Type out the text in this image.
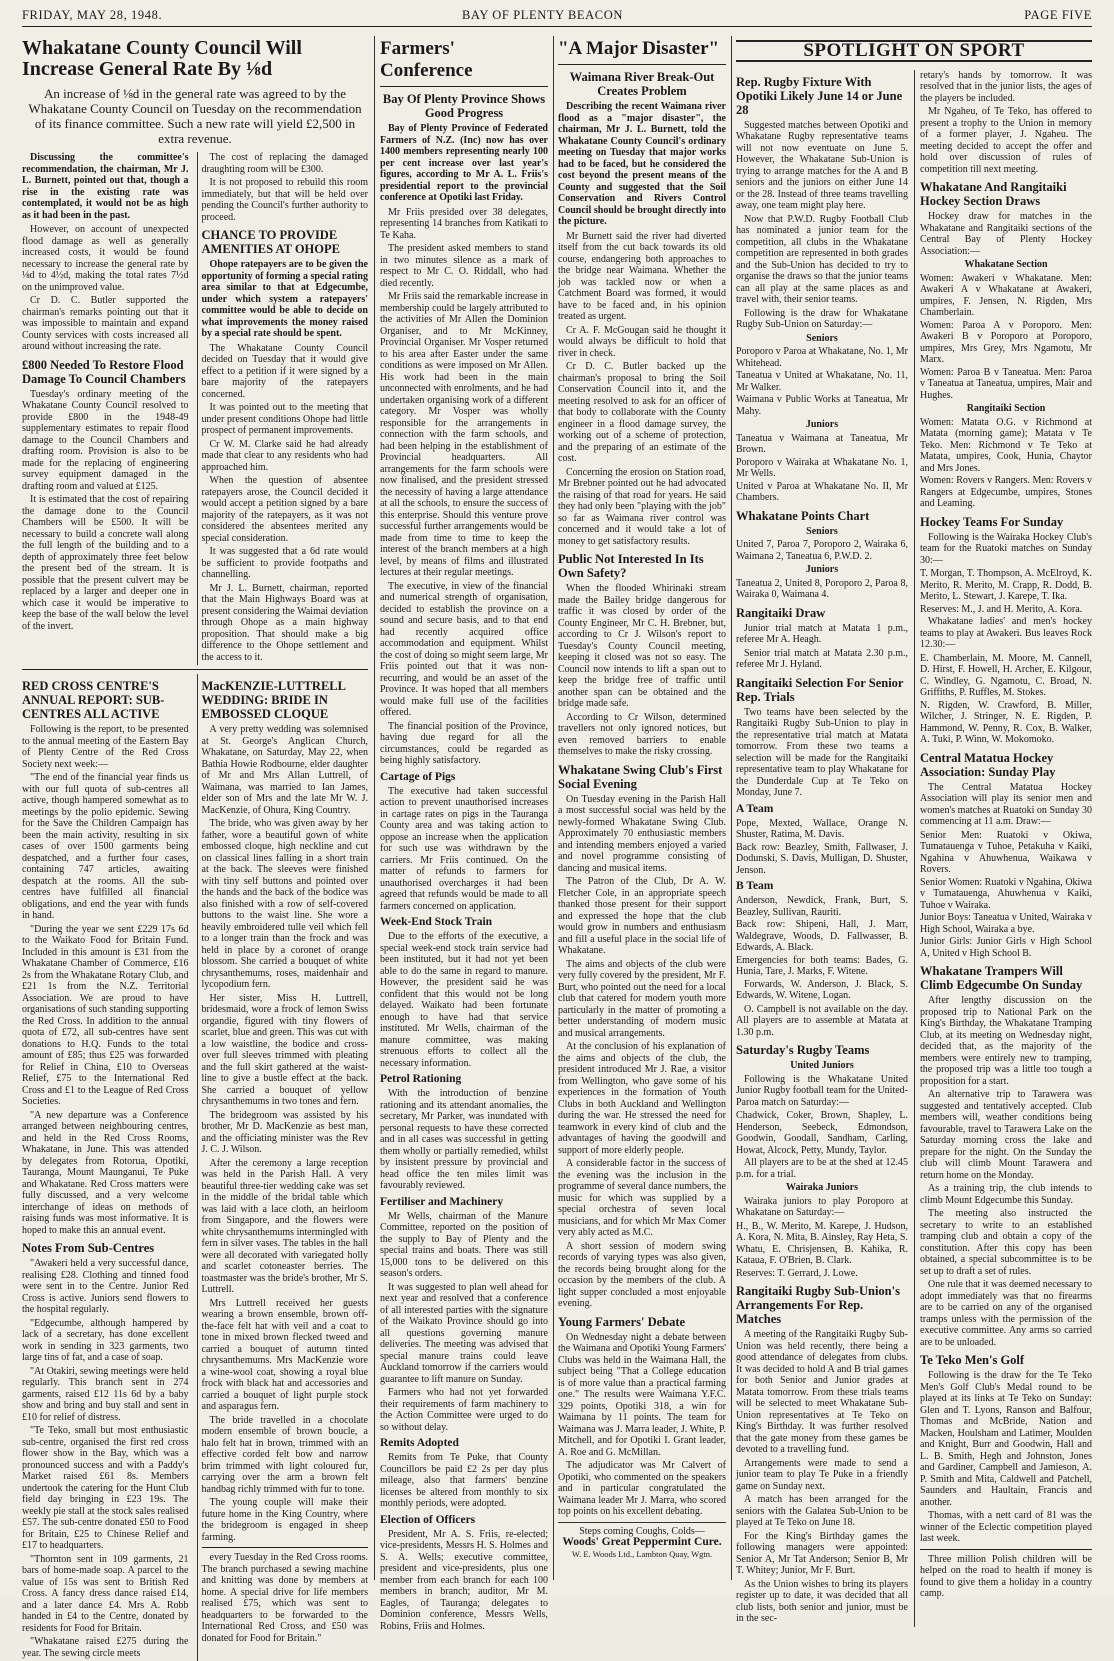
FRIDAY, MAY 28, 1948.	BAY OF PLENTY BEACON	PAGE FIVE
Whakatane County Council Will Increase General Rate By ⅛d
An increase of ⅛d in the general rate was agreed to by the Whakatane County Council on Tuesday on the recommendation of its finance committee. Such a new rate will yield £2,500 in extra revenue.

Discussing the committee's recommendation, the chairman, Mr J. L. Burnett, pointed out that, though a rise in the existing rate was contemplated, it would not be as high as it had been in the past.

However, on account of unexpected flood damage as well as generally increased costs, it would be found necessary to increase the general rate by ⅛d to 4½d, making the total rates 7½d on the unimproved value.

Cr D. C. Butler supported the chairman's remarks pointing out that it was impossible to maintain and expand County services with costs increased all around without increasing the rate.

£800 Needed To Restore Flood Damage To Council Chambers

Tuesday's ordinary meeting of the Whakatane County Council resolved to provide £800 in the 1948-49 supplementary estimates to repair flood damage to the Council Chambers and drafting room. Provision is also to be made for the replacing of engineering survey equipment damaged in the drafting room and valued at £125.

It is estimated that the cost of repairing the damage done to the Council Chambers will be £500. It will be necessary to build a concrete wall along the full length of the building and to a depth of approximately three feet below the present bed of the stream. It is possible that the present culvert may be replaced by a larger and deeper one in which case it would be imperative to keep the base of the wall below the level of the invert.

The cost of replacing the damaged draughting room will be £300.

It is not proposed to rebuild this room immediately, but that will be held over pending the Council's further authority to proceed.

CHANCE TO PROVIDE AMENITIES AT OHOPE

Ohope ratepayers are to be given the opportunity of forming a special rating area similar to that at Edgecumbe, under which system a ratepayers' committee would be able to decide on what improvements the money raised by a special rate should be spent.

The Whakatane County Council decided on Tuesday that it would give effect to a petition if it were signed by a bare majority of the ratepayers concerned.

It was pointed out to the meeting that under present conditions Ohope had little prospect of permanent improvements.

Cr W. M. Clarke said he had already made that clear to any residents who had approached him.

When the question of absentee ratepayers arose, the Council decided it would accept a petition signed by a bare majority of the ratepayers, as it was not considered the absentees merited any special consideration.

It was suggested that a 6d rate would be sufficient to provide footpaths and channelling.

Mr J. L. Burnett, chairman, reported that the Main Highways Board was at present considering the Waimai deviation through Ohope as a main highway proposition. That should make a big difference to the Ohope settlement and the access to it.

RED CROSS CENTRE'S ANNUAL REPORT: SUB-CENTRES ALL ACTIVE

Following is the report, to be presented to the annual meeting of the Eastern Bay of Plenty Centre of the Red Cross Society next week:—

"The end of the financial year finds us with our full quota of sub-centres all active, though hampered somewhat as to meetings by the polio epidemic. Sewing for the Save the Children Campaign has been the main activity, resulting in six cases of over 1500 garments being despatched, and a further four cases, containing 747 articles, awaiting despatch at the rooms. All the sub-centres have fulfilled all financial obligations, and end the year with funds in hand.

"During the year we sent £229 17s 6d to the Waikato Food for Britain Fund. Included in this amount is £31 from the Whakatane Chamber of Commerce, £16 2s from the Whakatane Rotary Club, and £21 1s from the N.Z. Territorial Association. We are proud to have organisations of such standing supporting the Red Cross. In addition to the annual quota of £72, all sub-centres have sent donations to H.Q. Funds to the total amount of £85; thus £25 was forwarded for Relief in China, £10 to Overseas Relief, £75 to the International Red Cross and £1 to the League of Red Cross Societies.

"A new departure was a Conference arranged between neighbouring centres, and held in the Red Cross Rooms, Whakatane, in June. This was attended by delegates from Rotorua, Opotiki, Tauranga, Mount Maunganui, Te Puke and Whakatane. Red Cross matters were fully discussed, and a very welcome interchange of ideas on methods of raising funds was most informative. It is hoped to make this an annual event.

Notes From Sub-Centres

"Awakeri held a very successful dance, realising £28. Clothing and tinned food were sent in to the Centre. Junior Red Cross is active. Juniors send flowers to the hospital regularly.

"Edgecumbe, although hampered by lack of a secretary, has done excellent work in sending in 323 garments, two large tins of fat, and a case of soap.

"At Otakiri, sewing meetings were held regularly. This branch sent in 274 garments, raised £12 11s 6d by a baby show and bring and buy stall and sent in £10 for relief of distress.

"Te Teko, small but most enthusiastic sub-centre, organised the first red cross flower show in the Bay, which was a pronounced success and with a Paddy's Market raised £61 8s. Members undertook the catering for the Hunt Club field day bringing in £23 19s. The weekly pie stall at the stock sales realised £57. The sub-centre donated £50 to Food for Britain, £25 to Chinese Relief and £17 to headquarters.

"Thornton sent in 109 garments, 21 bars of home-made soap. A parcel to the value of 15s was sent to British Red Cross. A fancy dress dance raised £14, and a later dance £4. Mrs A. Robb handed in £4 to the Centre, donated by residents for Food for Britain.

"Whakatane raised £275 during the year. The sewing circle meets

MacKENZIE-LUTTRELL WEDDING: BRIDE IN EMBOSSED CLOQUE

A very pretty wedding was solemnised at St. George's Anglican Church, Whakatane, on Saturday, May 22, when Bathia Howie Rodbourne, elder daughter of Mr and Mrs Allan Luttrell, of Waimana, was married to Ian James, elder son of Mrs and the late Mr W. J. MacKenzie, of Ohura, King Country.

The bride, who was given away by her father, wore a beautiful gown of white embossed cloque, high neckline and cut on classical lines falling in a short train at the back. The sleeves were finished with tiny self buttons and pointed over the hands and the back of the bodice was also finished with a row of self-covered buttons to the waist line. She wore a heavily embroidered tulle veil which fell to a longer train than the frock and was held in place by a coronet of orange blossom. She carried a bouquet of white chrysanthemums, roses, maidenhair and lycopodium fern.

Her sister, Miss H. Luttrell, bridesmaid, wore a frock of lemon Swiss organdie, figured with tiny flowers of scarlet, blue and green. This was cut with a low waistline, the bodice and cross-over full sleeves trimmed with pleating and the full skirt gathered at the waist-line to give a bustle effect at the back. She carried a bouquet of yellow chrysanthemums in two tones and fern.

The bridegroom was assisted by his brother, Mr D. MacKenzie as best man, and the officiating minister was the Rev J. C. J. Wilson.

After the ceremony a large reception was held in the Parish Hall. A very beautiful three-tier wedding cake was set in the middle of the bridal table which was laid with a lace cloth, an heirloom from Singapore, and the flowers were white chrysanthemums intermingled with fern in silver vases. The tables in the hall were all decorated with variegated holly and scarlet cotoneaster berries. The toastmaster was the bride's brother, Mr S. Luttrell.

Mrs Luttrell received her guests wearing a brown ensemble, brown off-the-face felt hat with veil and a coat to tone in mixed brown flecked tweed and carried a bouquet of autumn tinted chrysanthemums. Mrs MacKenzie wore a wine-wool coat, showing a royal blue frock with black hat and accessories and carried a bouquet of light purple stock and asparagus fern.

The bride travelled in a chocolate modern ensemble of brown boucle, a halo felt hat in brown, trimmed with an effective corded felt bow and narrow brim trimmed with light coloured fur, carrying over the arm a brown felt handbag richly trimmed with fur to tone.

The young couple will make their future home in the King Country, where the bridegroom is engaged in sheep farming.

every Tuesday in the Red Cross rooms. The branch purchased a sewing machine and knitting was done by members at home. A special drive for life members realised £75, which was sent to headquarters to be forwarded to the International Red Cross, and £50 was donated for Food for Britain."

Farmers' Conference
Bay Of Plenty Province Shows Good Progress

Bay of Plenty Province of Federated Farmers of N.Z. (Inc) now has over 1400 members representing nearly 100 per cent increase over last year's figures, according to Mr A. L. Friis's presidential report to the provincial conference at Opotiki last Friday.

Mr Friis presided over 38 delegates, representing 14 branches from Katikati to Te Kaha.

The president asked members to stand in two minutes silence as a mark of respect to Mr C. O. Riddall, who had died recently.

Mr Friis said the remarkable increase in membership could be largely attributed to the activities of Mr Allen the Dominion Organiser, and to Mr McKinney, Provincial Organiser. Mr Vosper returned to his area after Easter under the same conditions as were imposed on Mr Allen. His work had been in the main unconnected with enrolments, and he had undertaken organising work of a different category. Mr Vosper was wholly responsible for the arrangements in connection with the farm schools, and had been helping in the establishment of Provincial headquarters. All arrangements for the farm schools were now finalised, and the president stressed the necessity of having a large attendance at all the schools, to ensure the success of this enterprise. Should this venture prove successful further arrangements would be made from time to time to keep the interest of the branch members at a high level, by means of films and illustrated lectures at their regular meetings.

The executive, in view of the financial and numerical strength of organisation, decided to establish the province on a sound and secure basis, and to that end had recently acquired office accommodation and equipment. Whilst the cost of doing so might seem large, Mr Friis pointed out that it was non-recurring, and would be an asset of the Province. It was hoped that all members would make full use of the facilities offered.

The financial position of the Province, having due regard for all the circumstances, could be regarded as being highly satisfactory.

Cartage of Pigs

The executive had taken successful action to prevent unauthorised increases in cartage rates on pigs in the Tauranga County area and was taking action to oppose an increase when the application for such use was withdrawn by the carriers. Mr Friis continued. On the matter of refunds to farmers for unauthorised overcharges it had been agreed that refunds would be made to all farmers concerned on application.

Week-End Stock Train

Due to the efforts of the executive, a special week-end stock train service had been instituted, but it had not yet been able to do the same in regard to manure. However, the president said he was confident that this would not be long delayed. Waikato had been fortunate enough to have had that service instituted. Mr Wells, chairman of the manure committee, was making strenuous efforts to collect all the necessary information.

Petrol Rationing

With the introduction of benzine rationing and its attendant anomalies, the secretary, Mr Parker, was inundated with personal requests to have these corrected and in all cases was successful in getting them wholly or partially remedied, whilst by insistent pressure by provincial and head office the ten miles limit was favourably reviewed.

Fertiliser and Machinery

Mr Wells, chairman of the Manure Committee, reported on the position of the supply to Bay of Plenty and the special trains and boats. There was still 15,000 tons to be delivered on this season's orders.

It was suggested to plan well ahead for next year and resolved that a conference of all interested parties with the signature of the Waikato Province should go into all questions governing manure deliveries. The meeting was advised that special manure trains could leave Auckland tomorrow if the carriers would guarantee to lift manure on Sunday.

Farmers who had not yet forwarded their requirements of farm machinery to the Action Committee were urged to do so without delay.

Remits Adopted

Remits from Te Puke, that County Councillors be paid £2 2s per day plus mileage, also that farmers' benzine licenses be altered from monthly to six monthly periods, were adopted.

Election of Officers

President, Mr A. S. Friis, re-elected; vice-presidents, Messrs H. S. Holmes and S. A. Wells; executive committee, president and vice-presidents, plus one member from each branch for each 100 members in branch; auditor, Mr M. Eagles, of Tauranga; delegates to Dominion conference, Messrs Wells, Robins, Friis and Holmes.

"A Major Disaster"
Waimana River Break-Out Creates Problem

Describing the recent Waimana river flood as a "major disaster", the chairman, Mr J. L. Burnett, told the Whakatane County Council's ordinary meeting on Tuesday that major works had to be faced, but he considered the cost beyond the present means of the County and suggested that the Soil Conservation and Rivers Control Council should be brought directly into the picture.

Mr Burnett said the river had diverted itself from the cut back towards its old course, endangering both approaches to the bridge near Waimana. Whether the job was tackled now or when a Catchment Board was formed, it would have to be faced and, in his opinion treated as urgent.

Cr A. F. McGougan said he thought it would always be difficult to hold that river in check.

Cr D. C. Butler backed up the chairman's proposal to bring the Soil Conservation Council into it, and the meeting resolved to ask for an officer of that body to collaborate with the County engineer in a flood damage survey, the working out of a scheme of protection, and the preparing of an estimate of the cost.

Concerning the erosion on Station road, Mr Brebner pointed out he had advocated the raising of that road for years. He said they had only been "playing with the job" so far as Waimana river control was concerned and it would take a lot of money to get satisfactory results.

Public Not Interested In Its Own Safety?

When the flooded Whirinaki stream made the Bailey bridge dangerous for traffic it was closed by order of the County Engineer, Mr C. H. Brebner, but, according to Cr J. Wilson's report to Tuesday's County Council meeting, keeping it closed was not so easy. The Council now intends to lift a span out to keep the bridge free of traffic until another span can be obtained and the bridge made safe.

According to Cr Wilson, determined travellers not only ignored notices, but even removed barriers to enable themselves to make the risky crossing.

Whakatane Swing Club's First Social Evening

On Tuesday evening in the Parish Hall a most successful social was held by the newly-formed Whakatane Swing Club. Approximately 70 enthusiastic members and intending members enjoyed a varied and novel programme consisting of dancing and musical items.

The Patron of the Club, Dr A. W. Fletcher Cole, in an appropriate speech thanked those present for their support and expressed the hope that the club would grow in numbers and enthusiasm and fill a useful place in the social life of Whakatane.

The aims and objects of the club were very fully covered by the president, Mr F. Burt, who pointed out the need for a local club that catered for modern youth more particularly in the matter of promoting a better understanding of modern music and musical arrangements.

At the conclusion of his explanation of the aims and objects of the club, the president introduced Mr J. Rae, a visitor from Wellington, who gave some of his experiences in the formation of Youth Clubs in both Auckland and Wellington during the war. He stressed the need for teamwork in every kind of club and the advantages of having the goodwill and support of more elderly people.

A considerable factor in the success of the evening was the inclusion in the programme of several dance numbers, the music for which was supplied by a special orchestra of seven local musicians, and for which Mr Max Comer very ably acted as M.C.

A short session of modern swing records of varying types was also given, the records being brought along for the occasion by the members of the club. A light supper concluded a most enjoyable evening.

Young Farmers' Debate

On Wednesday night a debate between the Waimana and Opotiki Young Farmers' Clubs was held in the Waimana Hall, the subject being "That a College education is of more value than a practical farming one." The results were Waimana Y.F.C. 329 points, Opotiki 318, a win for Waimana by 11 points. The team for Waimana was J. Marra leader, J. White, P. Mitchell, and for Opotiki I. Grant leader, A. Roe and G. McMillan.

The adjudicator was Mr Calvert of Opotiki, who commented on the speakers and in particular congratulated the Waimana leader Mr J. Marra, who scored top points on his excellent debating.

Steps coming Coughs, Colds—
Woods' Great Peppermint Cure.
W. E. Woods Ltd., Lambton Quay, Wgtn.
SPOTLIGHT ON SPORT
Rep. Rugby Fixture With Opotiki Likely June 14 or June 28

Suggested matches between Opotiki and Whakatane Rugby representative teams will not now eventuate on June 5. However, the Whakatane Sub-Union is trying to arrange matches for the A and B seniors and the juniors on either June 14 or the 28. Instead of three teams travelling away, one team might play here.

Now that P.W.D. Rugby Football Club has nominated a junior team for the competition, all clubs in the Whakatane competition are represented in both grades and the Sub-Union has decided to try to organise the draws so that the junior teams can all play at the same places as and travel with, their senior teams.

Following is the draw for Whakatane Rugby Sub-Union on Saturday:—

Seniors

Poroporo v Paroa at Whakatane, No. 1, Mr Whitehead.

Taneatua v United at Whakatane, No. 11, Mr Walker.

Waimana v Public Works at Taneatua, Mr Mahy.

Juniors

Taneatua v Waimana at Taneatua, Mr Brown.

Poroporo v Wairaka at Whakatane No. 1, Mr Wells.

United v Paroa at Whakatane No. II, Mr Chambers.

Whakatane Points Chart

Seniors

United 7, Paroa 7, Poroporo 2, Wairaka 6, Waimana 2, Taneatua 6, P.W.D. 2.

Juniors

Taneatua 2, United 8, Poroporo 2, Paroa 8, Wairaka 0, Waimana 4.

Rangitaiki Draw

Junior trial match at Matata 1 p.m., referee Mr A. Heagh.

Senior trial match at Matata 2.30 p.m., referee Mr J. Hyland.

Rangitaiki Selection For Senior Rep. Trials

Two teams have been selected by the Rangitaiki Rugby Sub-Union to play in the representative trial match at Matata tomorrow. From these two teams a selection will be made for the Rangitaiki representative team to play Whakatane for the Dunderdale Cup at Te Teko on Monday, June 7.

A Team

Pope, Mexted, Wallace, Orange N. Shuster, Ratima, M. Davis.

Back row: Beazley, Smith, Fallwaser, J. Dodunski, S. Davis, Mulligan, D. Shuster, Jenson.

B Team

Anderson, Newdick, Frank, Burt, S. Beazley, Sullivan, Rauriti.

Back row: Shipeni, Hall, J. Marr, Waldegrave, Woods, D. Fallwasser, B. Edwards, A. Black.

Emergencies for both teams: Bades, G. Hunia, Tare, J. Marks, F. Witene.

Forwards, W. Anderson, J. Black, S. Edwards, W. Witene, Logan.

O. Campbell is not available on the day. All players are to assemble at Matata at 1.30 p.m.

Saturday's Rugby Teams

United Juniors

Following is the Whakatane United Junior Rugby football team for the United-Paroa match on Saturday:—

Chadwick, Coker, Brown, Shapley, L. Henderson, Seebeck, Edmondson, Goodwin, Goodall, Sandham, Carling, Howat, Alcock, Petty, Mundy, Taylor.

All players are to be at the shed at 12.45 p.m. for a trial.

Wairaka Juniors

Wairaka juniors to play Poroporo at Whakatane on Saturday:—

H., B., W. Merito, M. Karepe, J. Hudson, A. Kora, N. Mita, B. Ainsley, Ray Heta, S. Whatu, E. Chrisjensen, B. Kahika, R. Kataua, F. O'Brien, B. Clark.

Reserves: T. Gerrard, J. Lowe.

Rangitaiki Rugby Sub-Union's Arrangements For Rep. Matches

A meeting of the Rangitaiki Rugby Sub-Union was held recently, there being a good attendance of delegates from clubs. It was decided to hold A and B trial games for both Senior and Junior grades at Matata tomorrow. From these trials teams will be selected to meet Whakatane Sub-Union representatives at Te Teko on King's Birthday. It was further resolved that the gate money from these games be devoted to a travelling fund.

Arrangements were made to send a junior team to play Te Puke in a friendly game on Sunday next.

A match has been arranged for the seniors with the Galatea Sub-Union to be played at Te Teko on June 18.

For the King's Birthday games the following managers were appointed: Senior A, Mr Tat Anderson; Senior B, Mr T. Whitey; Junior, Mr F. Burt.

As the Union wishes to bring its players register up to date, it was decided that all club lists, both senior and junior, must be in the sec-

retary's hands by tomorrow. It was resolved that in the junior lists, the ages of the players be included.

Mr Ngaheu, of Te Teko, has offered to present a trophy to the Union in memory of a former player, J. Ngaheu. The meeting decided to accept the offer and hold over discussion of rules of competition till next meeting.

Whakatane And Rangitaiki Hockey Section Draws

Hockey draw for matches in the Whakatane and Rangitaiki sections of the Central Bay of Plenty Hockey Association:—

Whakatane Section

Women: Awakeri v Whakatane. Men: Awakeri A v Whakatane at Awakeri, umpires, F. Jensen, N. Rigden, Mrs Chamberlain.

Women: Paroa A v Poroporo. Men: Awakeri B v Poroporo at Poroporo, umpires, Mrs Grey, Mrs Ngamotu, Mr Marx.

Women: Paroa B v Taneatua. Men: Paroa v Taneatua at Taneatua, umpires, Mair and Hughes.

Rangitaiki Section

Women: Matata O.G. v Richmond at Matata (morning game); Matata v Te Teko. Men: Richmond v Te Teko at Matata, umpires, Cook, Hunia, Chaytor and Mrs Jones.

Women: Rovers v Rangers. Men: Rovers v Rangers at Edgecumbe, umpires, Stones and Leaming.

Hockey Teams For Sunday

Following is the Wairaka Hockey Club's team for the Ruatoki matches on Sunday 30:—

T. Morgan, T. Thompson, A. McElroyd, K. Merito, R. Merito, M. Crapp, R. Dodd, B. Merito, L. Stewart, J. Karepe, T. Ika.

Reserves: M., J. and H. Merito, A. Kora.

Whakatane ladies' and men's hockey teams to play at Awakeri. Bus leaves Rock 12.30:—

E. Chamberlain, M. Moore, M. Cannell, D. Hirst, F. Howell, H. Archer, E. Kilgour, C. Windley, G. Ngamotu, C. Broad, N. Griffiths, P. Ruffles, M. Stokes.

N. Rigden, W. Crawford, B. Miller, Wilcher, J. Stringer, N. E. Rigden, P. Hammond, W. Penny, R. Cox, B. Walker, A. Tuki, P. Winn, W. Mokomoko.

Central Matatua Hockey Association: Sunday Play

The Central Matatua Hockey Association will play its senior men and women's matches at Ruatoki on Sunday 30 commencing at 11 a.m. Draw:—

Senior Men: Ruatoki v Okiwa, Tumatauenga v Tuhoe, Petakuha v Kaiki, Ngahina v Ahuwhenua, Waikawa v Rovers.

Senior Women: Ruatoki v Ngahina, Okiwa v Tumatauenga, Ahuwhenua v Kaiki, Tuhoe v Wairaka.

Junior Boys: Taneatua v United, Wairaka v High School, Wairaka a bye.

Junior Girls: Junior Girls v High School A, United v High School B.

Whakatane Trampers Will Climb Edgecumbe On Sunday

After lengthy discussion on the proposed trip to National Park on the King's Birthday, the Whakatane Tramping Club, at its meeting on Wednesday night, decided that, as the majority of the members were entirely new to tramping, the proposed trip was a little too tough a proposition for a start.

An alternative trip to Tarawera was suggested and tentatively accepted. Club members will, weather conditions being favourable, travel to Tarawera Lake on the Saturday morning cross the lake and prepare for the night. On the Sunday the club will climb Mount Tarawera and return home on the Monday.

As a training trip, the club intends to climb Mount Edgecumbe this Sunday.

The meeting also instructed the secretary to write to an established tramping club and obtain a copy of the constitution. After this copy has been obtained, a special subcommittee is to be set up to draft a set of rules.

One rule that it was deemed necessary to adopt immediately was that no firearms are to be carried on any of the organised tramps unless with the permission of the executive committee. Any arms so carried are to be unloaded.

Te Teko Men's Golf

Following is the draw for the Te Teko Men's Golf Club's Medal round to be played at its links at Te Teko on Sunday: Glen and T. Lyons, Ranson and Balfour, Thomas and McBride, Nation and Macken, Houlsham and Latimer, Moulden and Knight, Burr and Goodwin, Hall and L. B. Smith, Hegh and Johnston, Jones and Gardiner, Campbell and Jamieson, A. P. Smith and Mita, Caldwell and Patchell, Saunders and Haultain, Francis and another.

Thomas, with a nett card of 81 was the winner of the Eclectic competition played last week.

Three million Polish children will be helped on the road to health if money is found to give them a holiday in a country camp.
